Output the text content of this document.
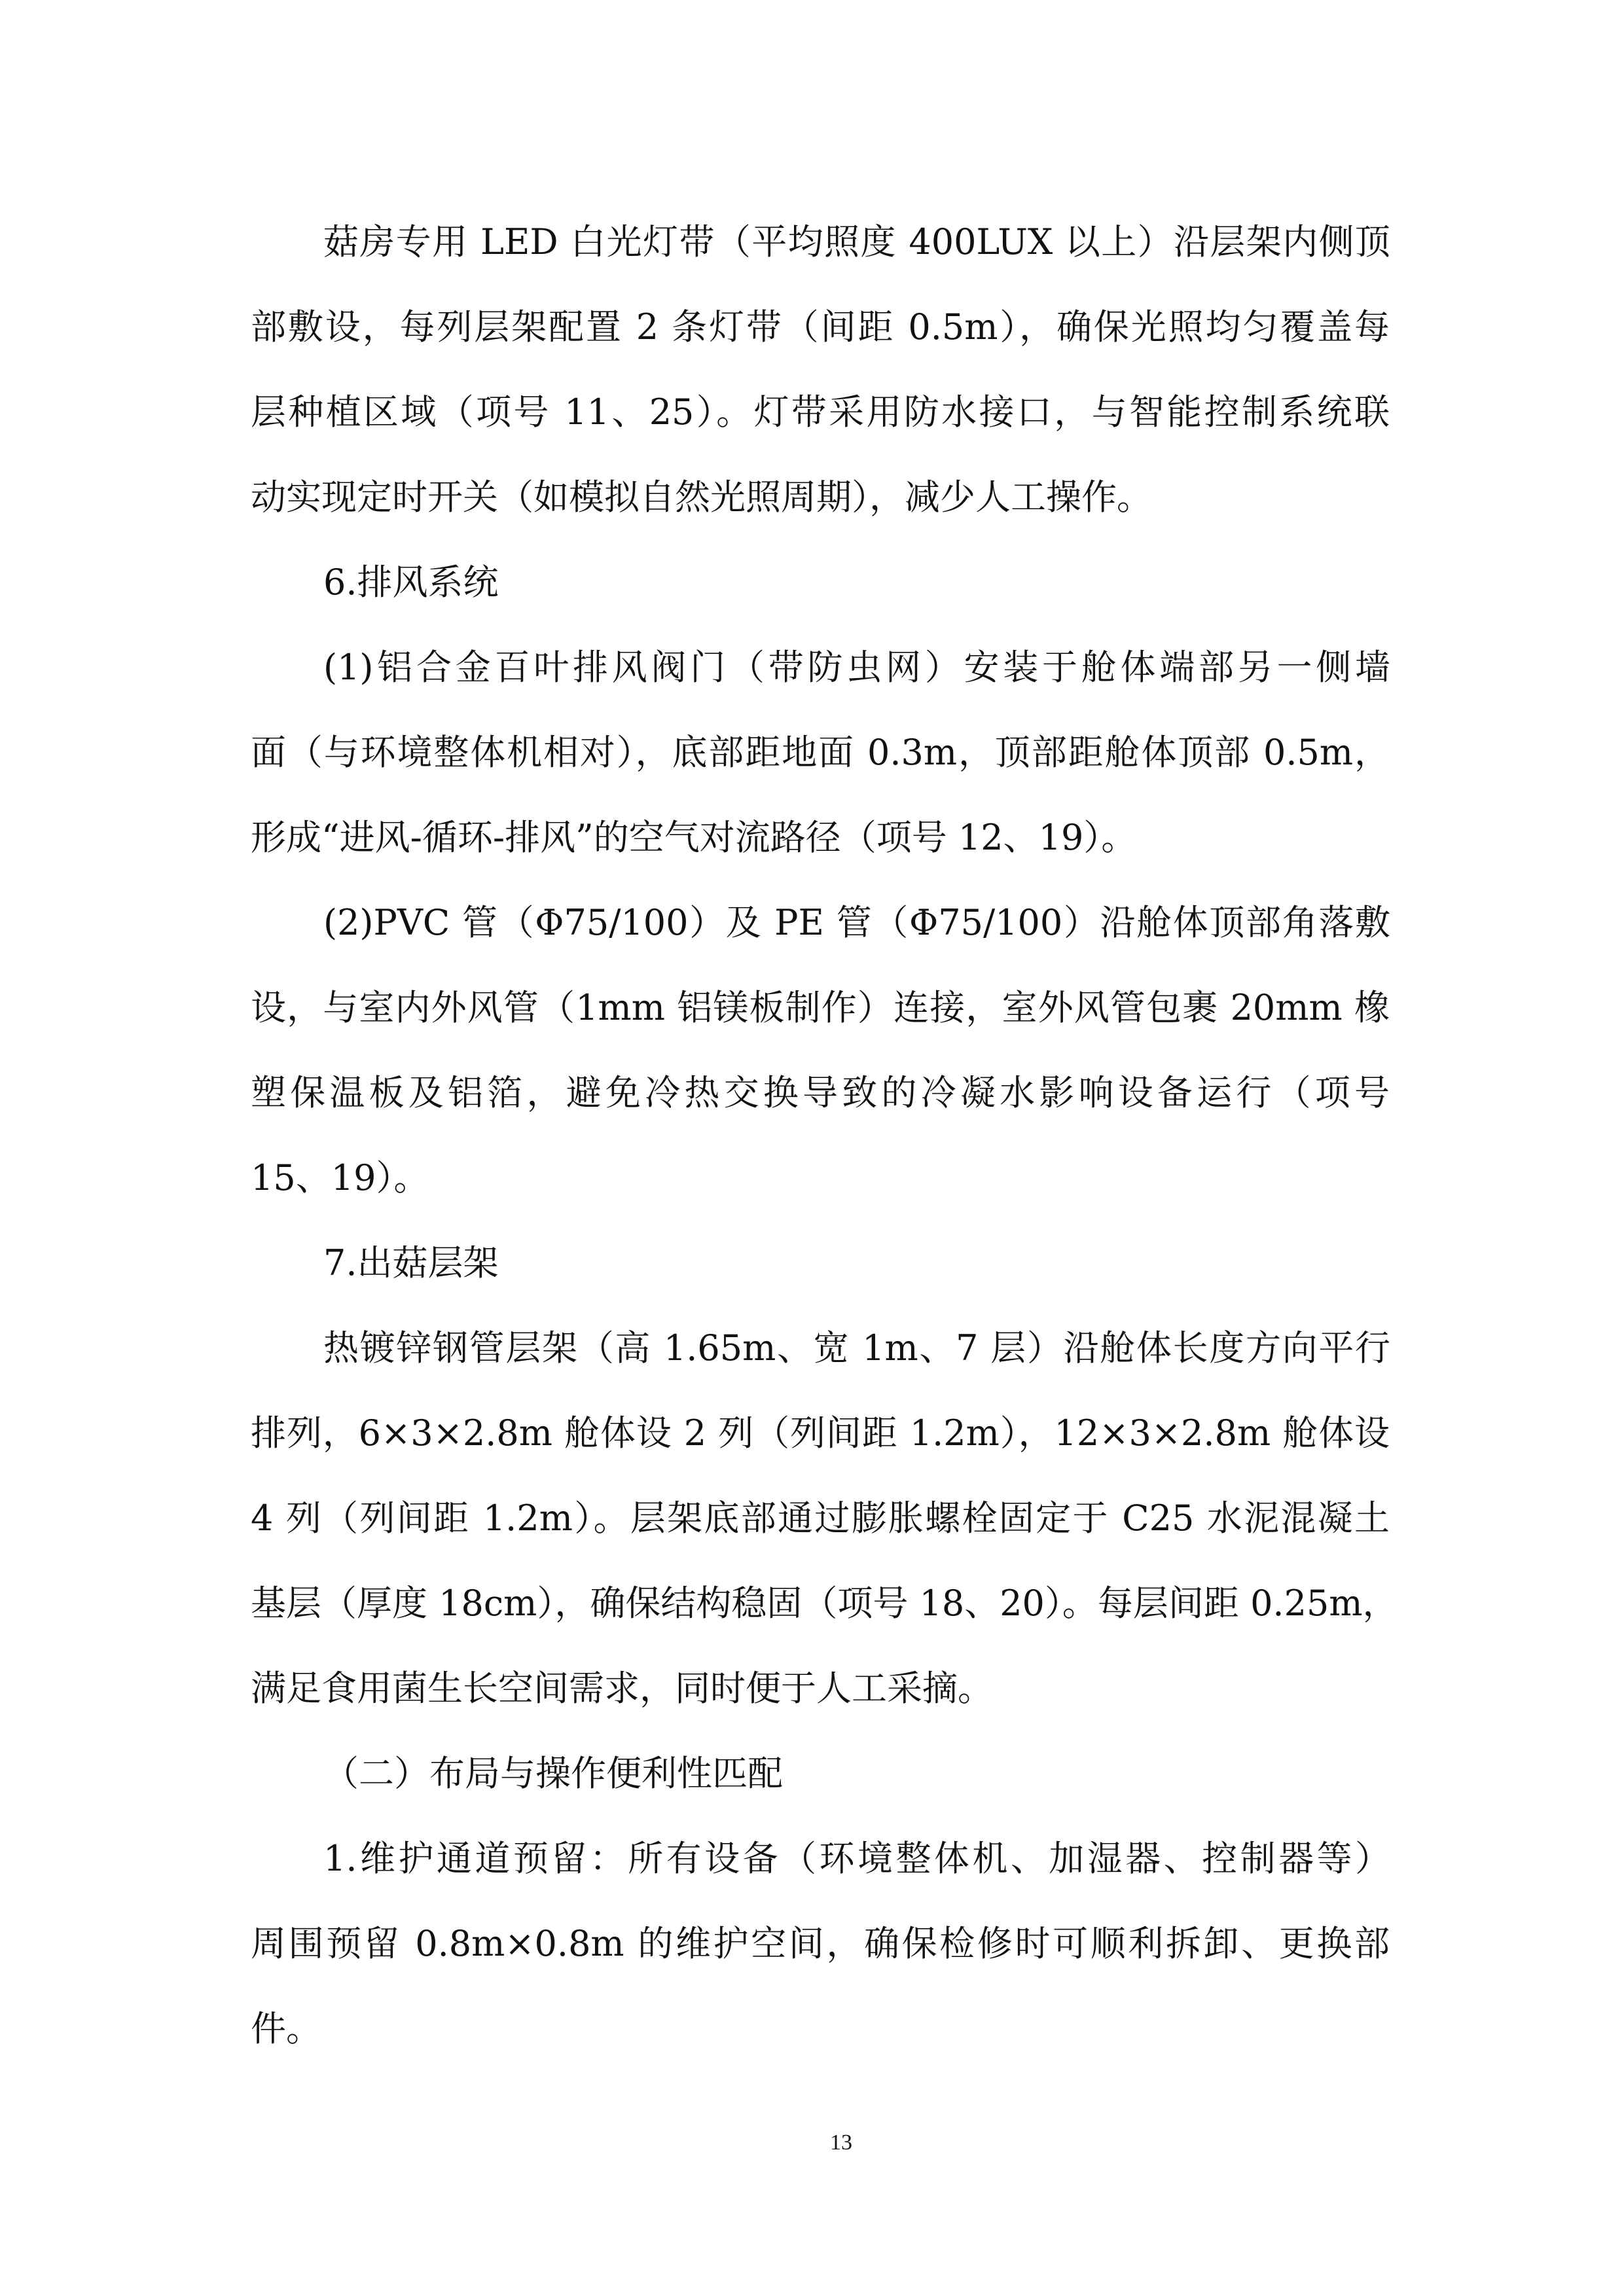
菇房专用 LED 白光灯带（平均照度 400LUX 以上）沿层架内侧顶
部敷设，每列层架配置 2 条灯带（间距 0.5m），确保光照均匀覆盖每
层种植区域（项号 11、25）。灯带采用防水接口，与智能控制系统联
动实现定时开关（如模拟自然光照周期），减少人工操作。
6.排风系统
(1)铝合金百叶排风阀门（带防虫网）安装于舱体端部另一侧墙
面（与环境整体机相对），底部距地面 0.3m，顶部距舱体顶部 0.5m，
形成“进风-循环-排风”的空气对流路径（项号 12、19）。
(2)PVC 管（Φ75/100）及 PE 管（Φ75/100）沿舱体顶部角落敷
设，与室内外风管（1mm 铝镁板制作）连接，室外风管包裹 20mm 橡
塑保温板及铝箔，避免冷热交换导致的冷凝水影响设备运行（项号
15、19）。
7.出菇层架
热镀锌钢管层架（高 1.65m、宽 1m、7 层）沿舱体长度方向平行
排列，6×3×2.8m 舱体设 2 列（列间距 1.2m），12×3×2.8m 舱体设
4 列（列间距 1.2m）。层架底部通过膨胀螺栓固定于 C25 水泥混凝土
基层（厚度 18cm），确保结构稳固（项号 18、20）。每层间距 0.25m，
满足食用菌生长空间需求，同时便于人工采摘。
（二）布局与操作便利性匹配
1.维护通道预留：所有设备（环境整体机、加湿器、控制器等）
周围预留 0.8m×0.8m 的维护空间，确保检修时可顺利拆卸、更换部
件。
13
